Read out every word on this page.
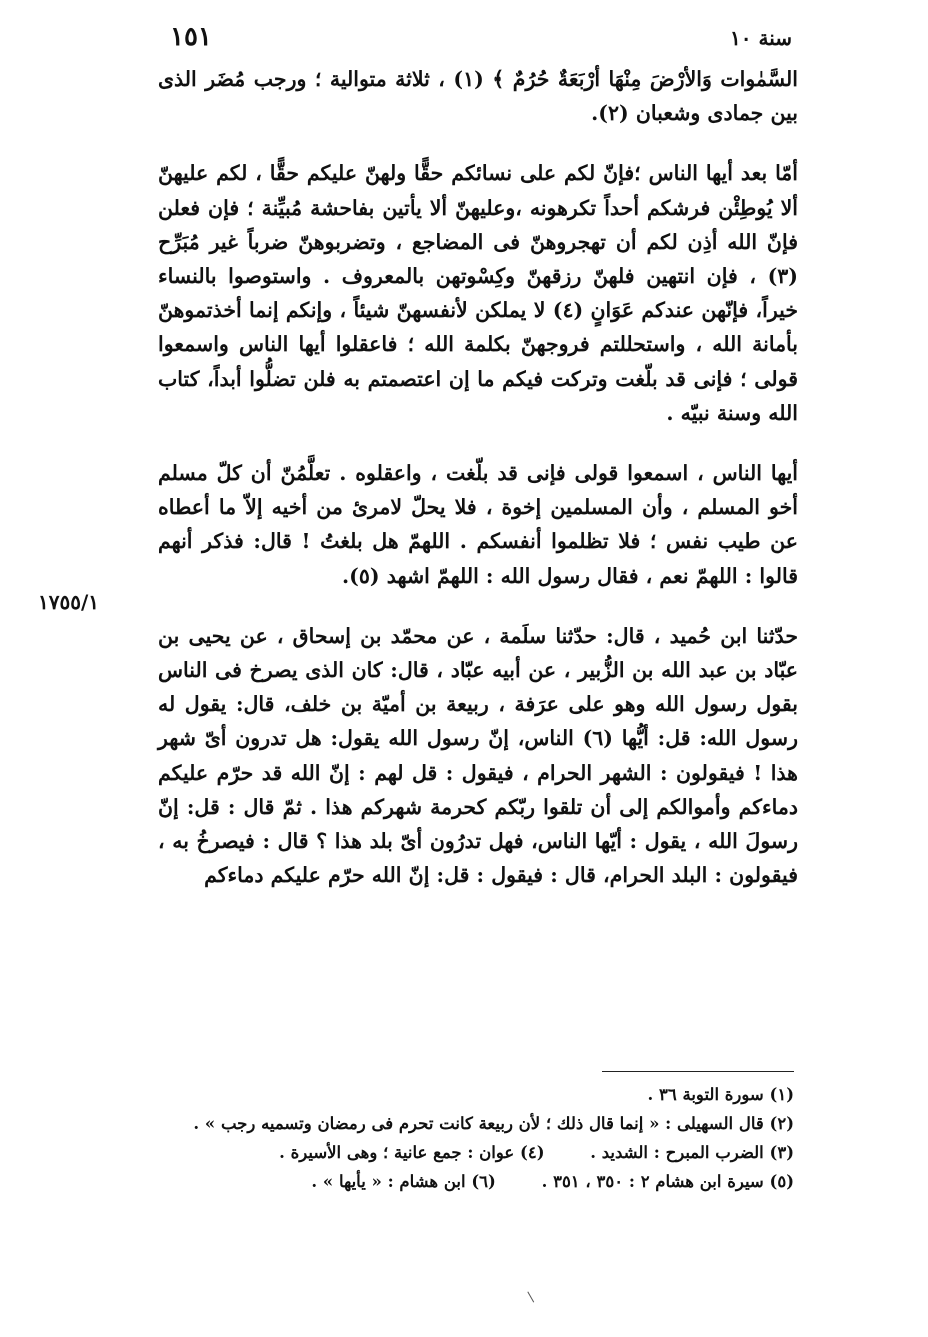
سنة ١٠
١٥١

السَّمٰوات وَالأرْضَ مِنْهَا أرْبَعَةٌ حُرُمٌ ﴾ (١) ، ثلاثة متوالية ؛ ورجب مُضَر الذى بين جمادى وشعبان (٢).

أمّا بعد أيها الناس ؛فإنّ لكم على نسائكم حقًّا ولهنّ عليكم حقًّا ، لكم عليهنّ ألا يُوطِئْن فرشكم أحداً تكرهونه ،وعليهنّ ألا يأتين بفاحشة مُبيِّنة ؛ فإن فعلن فإنّ الله أذِن لكم أن تهجروهنّ فى المضاجع ، وتضربوهنّ ضرباً غير مُبَرِّح (٣) ، فإن انتهين فلهنّ رزقهنّ وكِسْوتهن بالمعروف . واستوصوا بالنساء خيراً، فإنّهن عندكم عَوَانٍ (٤) لا يملكن لأنفسهنّ شيئاً ، وإنكم إنما أخذتموهنّ بأمانة الله ، واستحللتم فروجهنّ بكلمة الله ؛ فاعقلوا أيها الناس واسمعوا قولى ؛ فإنى قد بلّغت وتركت فيكم ما إن اعتصمتم به فلن تضلُّوا أبداً، كتاب الله وسنة نبيّه .

أيها الناس ، اسمعوا قولى فإنى قد بلّغت ، واعقلوه . تعلَّمُنّ أن كلّ مسلم أخو المسلم ، وأن المسلمين إخوة ، فلا يحلّ لامرئ من أخيه إلاّ ما أعطاه عن طيب نفس ؛ فلا تظلموا أنفسكم . اللهمّ هل بلغتُ ! قال: فذكر أنهم قالوا : اللهمّ نعم ، فقال رسول الله : اللهمّ اشهد (٥).

حدّثنا ابن حُميد ، قال: حدّثنا سلَمة ، عن محمّد بن إسحاق ، عن يحيى بن عبّاد بن عبد الله بن الزُّبير ، عن أبيه عبّاد ، قال: كان الذى يصرخ فى الناس بقول رسول الله وهو على عرَفة ، ربيعة بن أميّة بن خلف، قال: يقول له رسول الله: قل: أيُّها (٦) الناس، إنّ رسول الله يقول: هل تدرون أىّ شهر هذا ! فيقولون : الشهر الحرام ، فيقول : قل لهم : إنّ الله قد حرّم عليكم دماءكم وأموالكم إلى أن تلقوا ربّكم كحرمة شهركم هذا . ثمّ قال : قل: إنّ رسولَ الله ، يقول : أيّها الناس، فهل تدرُون أىّ بلد هذا ؟ قال : فيصرخُ به ، فيقولون : البلد الحرام، قال : فيقول : قل: إنّ الله حرّم عليكم دماءكم

١٧٥٥/١
(١) سورة التوبة ٣٦ .
(٢) قال السهيلى : « إنما قال ذلك ؛ لأن ربيعة كانت تحرم فى رمضان وتسميه رجب » .
(٣) الضرب المبرح : الشديد . (٤) عوان : جمع عانية ؛ وهى الأسيرة .
(٥) سيرة ابن هشام ٢ : ٣٥٠ ، ٣٥١ . (٦) ابن هشام : « يأيها » .
